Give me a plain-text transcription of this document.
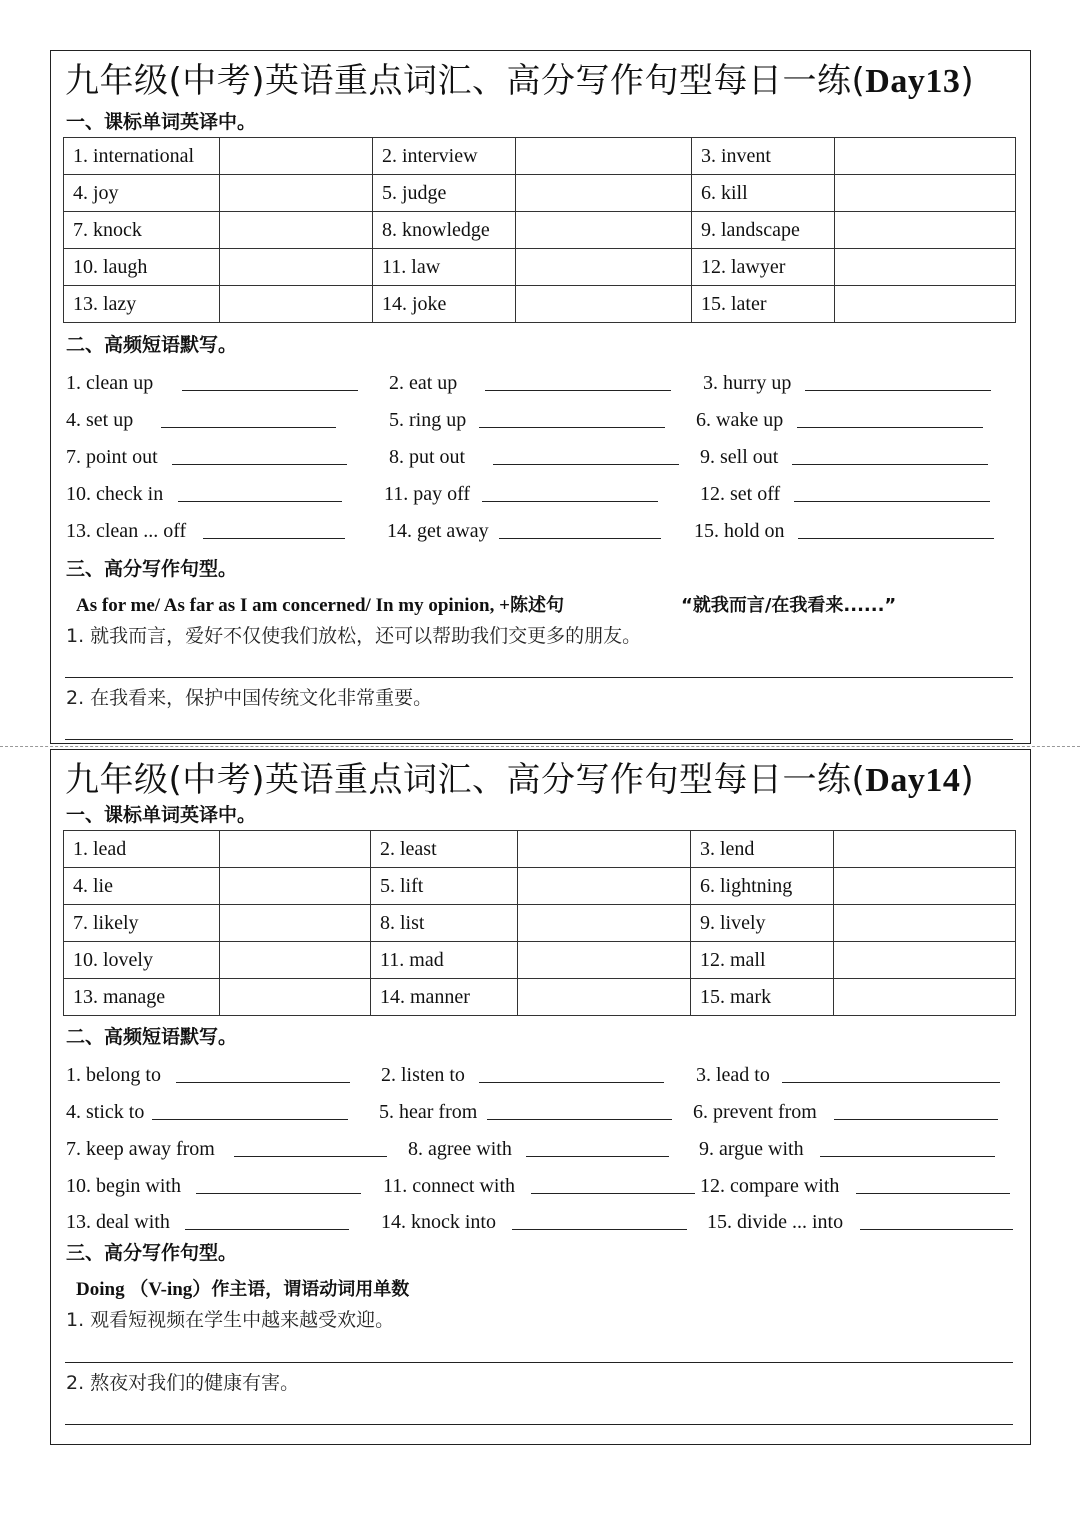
九年级(中考)英语重点词汇、高分写作句型每日一练(Day13)
一、课标单词英译中。
1. international		2. interview		3. invent	
4. joy		5. judge		6. kill	
7. knock		8. knowledge		9. landscape	
10. laugh		11. law		12. lawyer	
13. lazy		14. joke		15. later	
二、高频短语默写。
1. clean up	2. eat up	3. hurry up
4. set up	5. ring up	6. wake up
7. point out	8. put out	9. sell out
10. check in	11. pay off	12. set off
13. clean ... off	14. get away	15. hold on
三、高分写作句型。
As for me/ As far as I am concerned/ In my opinion, +陈述句	“就我而言/在我看来......”
1. 就我而言，爱好不仅使我们放松，还可以帮助我们交更多的朋友。
2. 在我看来，保护中国传统文化非常重要。
九年级(中考)英语重点词汇、高分写作句型每日一练(Day14)
一、课标单词英译中。
1. lead		2. least		3. lend	
4. lie		5. lift		6. lightning	
7. likely		8. list		9. lively	
10. lovely		11. mad		12. mall	
13. manage		14. manner		15. mark	
二、高频短语默写。
1. belong to	2. listen to	3. lead to
4. stick to	5. hear from	6. prevent from
7. keep away from	8. agree with	9. argue with
10. begin with	11. connect with	12. compare with
13. deal with	14. knock into	15. divide ... into
三、高分写作句型。
Doing （V-ing）作主语，谓语动词用单数
1. 观看短视频在学生中越来越受欢迎。
2. 熬夜对我们的健康有害。
